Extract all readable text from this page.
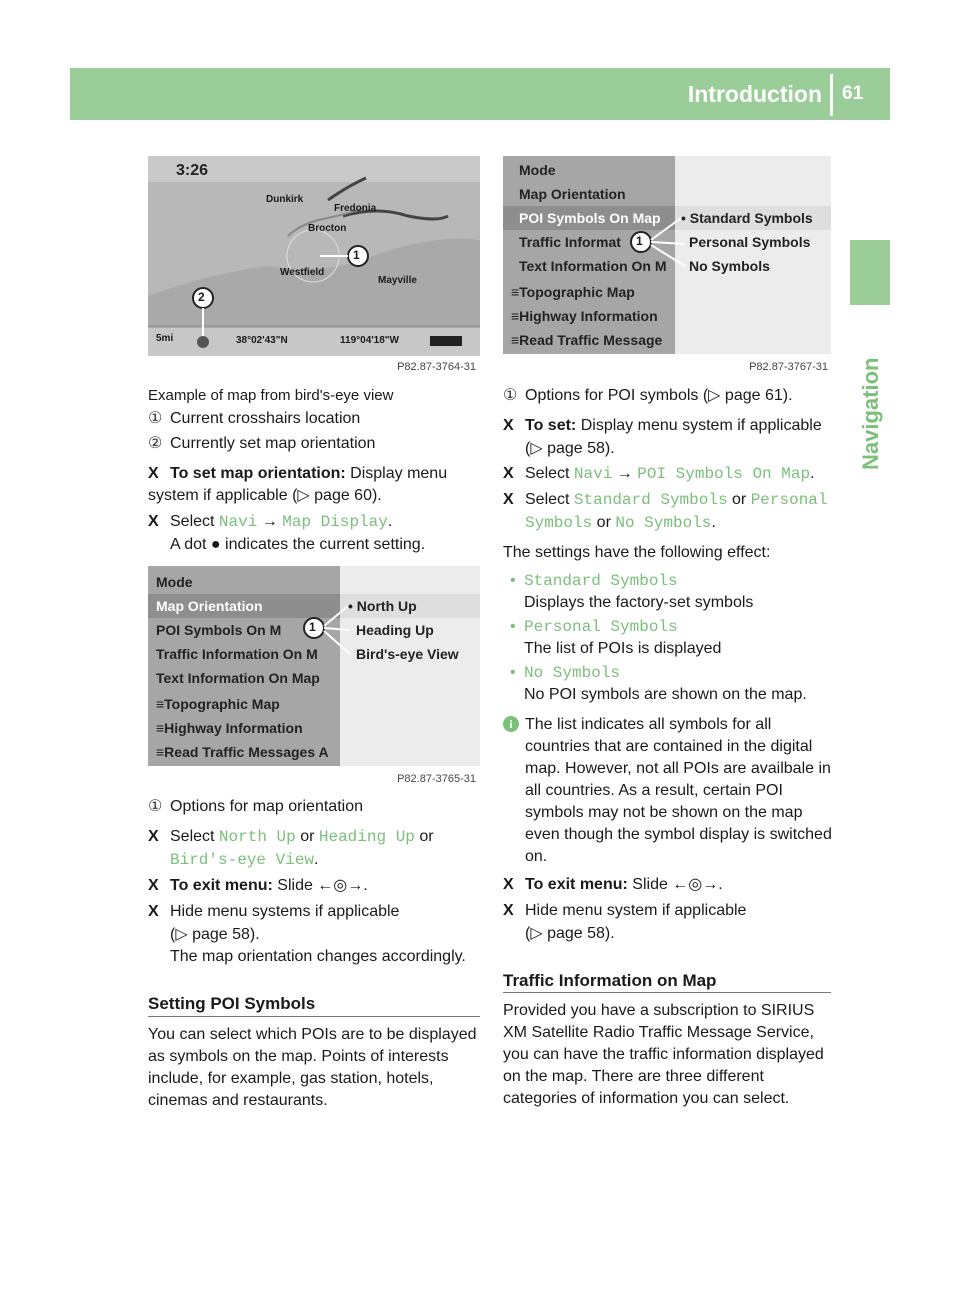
Introduction 61
Navigation
3:26
Dunkirk
Fredonia
Brocton
Westfield
Mayville
1
2
5mi	38°02'43"N	119°04'18"W
P82.87-3764-31
Example of map from bird's-eye view
① Current crosshairs location
② Currently set map orientation
X To set map orientation: Display menu system if applicable (▷ page 60).
X Select Navi → Map Display.
A dot ● indicates the current setting.
Mode
Map Orientation
POI Symbols On M
Traffic Information On M
Text Information On Map
≡Topographic Map
≡Highway Information
≡Read Traffic Messages A
• North Up
Heading Up
Bird's-eye View
1
P82.87-3765-31
① Options for map orientation
X Select North Up or Heading Up or
Bird's-eye View.
X To exit menu: Slide ←◎→.
X Hide menu systems if applicable
(▷ page 58).
The map orientation changes accordingly.
Setting POI Symbols
You can select which POIs are to be displayed
as symbols on the map. Points of interests
include, for example, gas station, hotels,
cinemas and restaurants.
Mode
Map Orientation
POI Symbols On Map
Traffic Informat
Text Information On M
≡Topographic Map
≡Highway Information
≡Read Traffic Message
• Standard Symbols
Personal Symbols
No Symbols
1
P82.87-3767-31
① Options for POI symbols (▷ page 61).
X To set: Display menu system if applicable
(▷ page 58).
X Select Navi → POI Symbols On Map.
X Select Standard Symbols or Personal
Symbols or No Symbols.
The settings have the following effect:
• Standard Symbols
Displays the factory-set symbols
• Personal Symbols
The list of POIs is displayed
• No Symbols
No POI symbols are shown on the map.
i The list indicates all symbols for all
countries that are contained in the digital
map. However, not all POIs are availbale in
all countries. As a result, certain POI
symbols may not be shown on the map
even though the symbol display is switched
on.
X To exit menu: Slide ←◎→.
X Hide menu system if applicable
(▷ page 58).
Traffic Information on Map
Provided you have a subscription to SIRIUS
XM Satellite Radio Traffic Message Service,
you can have the traffic information displayed
on the map. There are three different
categories of information you can select.
